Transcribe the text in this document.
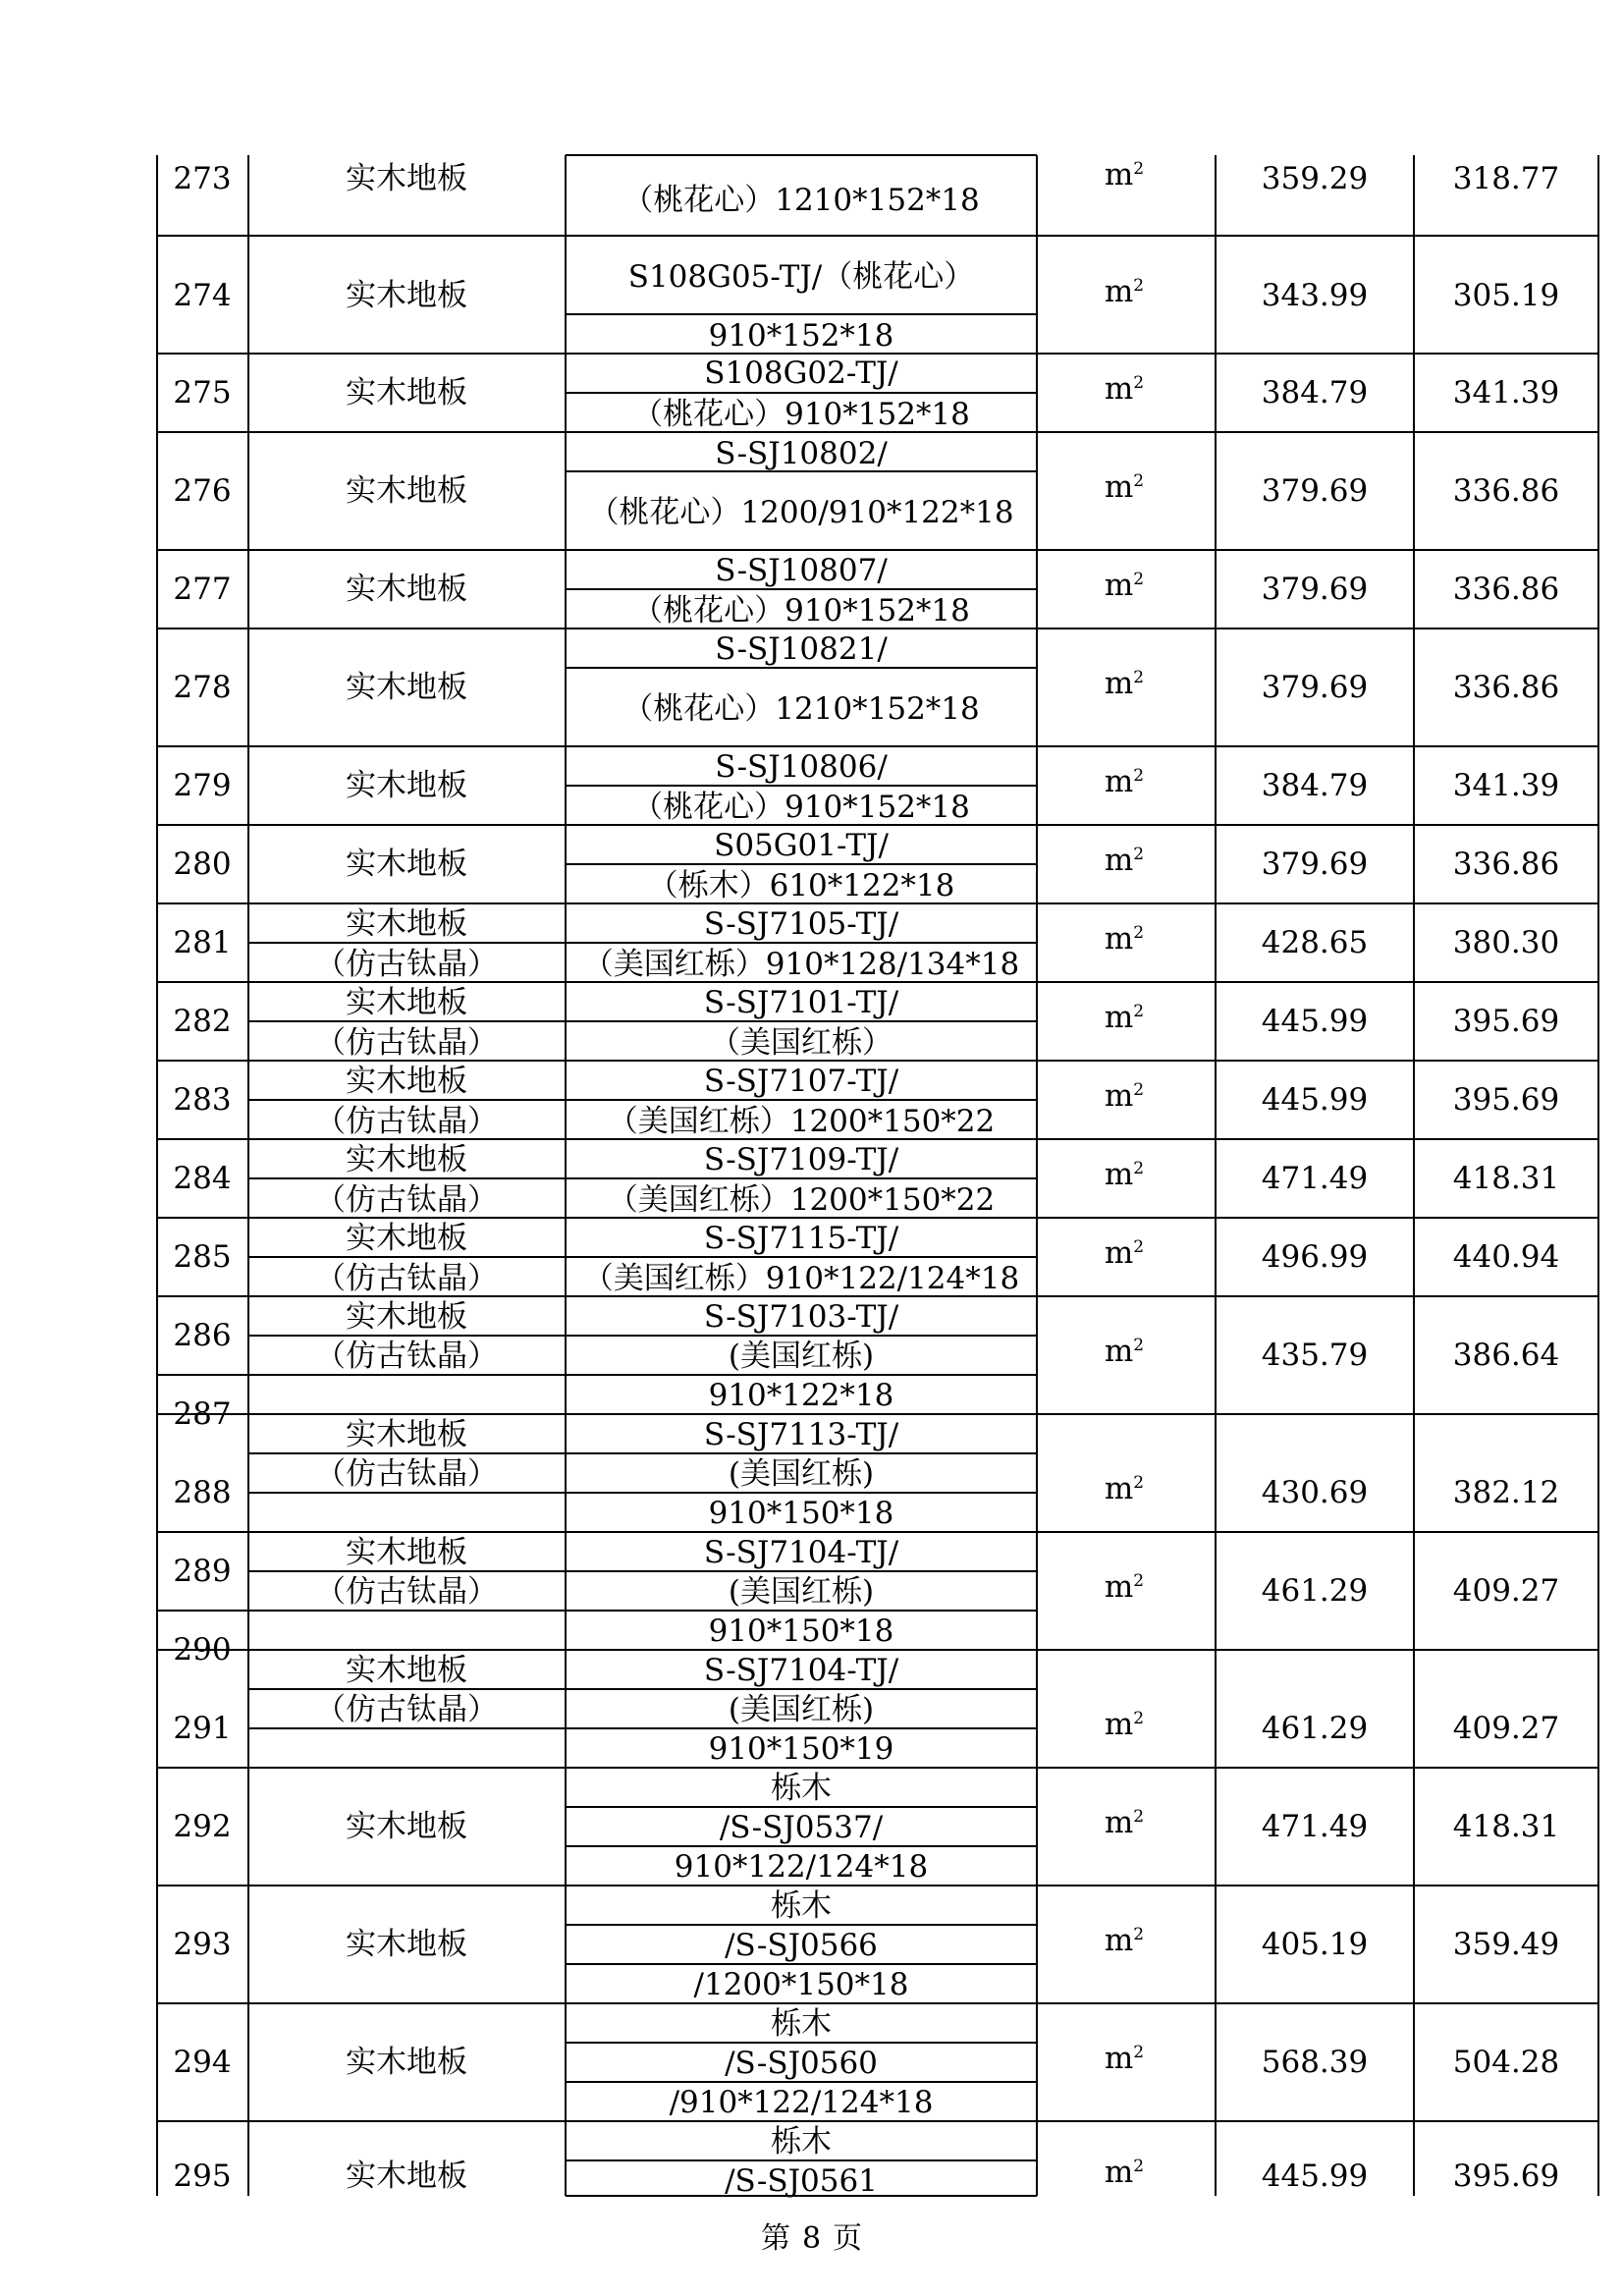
273	实木地板
（桃花心）1210*152*18
$m^2$	359.29	318.77
274	实木地板
S108G05-TJ/（桃花心）
910*152*18
$m^2$	343.99	305.19
275	实木地板
S108G02-TJ/
（桃花心）910*152*18
$m^2$	384.79	341.39
276	实木地板
S-SJ10802/
（桃花心）1200/910*122*18
$m^2$	379.69	336.86
277	实木地板
S-SJ10807/
（桃花心）910*152*18
$m^2$	379.69	336.86
278	实木地板
S-SJ10821/
（桃花心）1210*152*18
$m^2$	379.69	336.86
279	实木地板
S-SJ10806/
（桃花心）910*152*18
$m^2$	384.79	341.39
280	实木地板
S05G01-TJ/
（栎木）610*122*18
$m^2$	379.69	336.86
281
实木地板
（仿古钛晶）
S-SJ7105-TJ/
（美国红栎）910*128/134*18
$m^2$	428.65	380.30
282
实木地板
（仿古钛晶）
S-SJ7101-TJ/
（美国红栎）
$m^2$	445.99	395.69
283
实木地板
（仿古钛晶）
S-SJ7107-TJ/
（美国红栎）1200*150*22
$m^2$	445.99	395.69
284
实木地板
（仿古钛晶）
S-SJ7109-TJ/
（美国红栎）1200*150*22
$m^2$	471.49	418.31
285
实木地板
（仿古钛晶）
S-SJ7115-TJ/
（美国红栎）910*122/124*18
$m^2$	496.99	440.94
286
287
实木地板
（仿古钛晶）
S-SJ7103-TJ/
(美国红栎)
910*122*18
$m^2$	435.79	386.64
288
实木地板
（仿古钛晶）
S-SJ7113-TJ/
(美国红栎)
910*150*18
$m^2$	430.69	382.12
289
290
实木地板
（仿古钛晶）
S-SJ7104-TJ/
(美国红栎)
910*150*18
$m^2$	461.29	409.27
291
实木地板
（仿古钛晶）
S-SJ7104-TJ/
(美国红栎)
910*150*19
$m^2$	461.29	409.27
292	实木地板
栎木
/S-SJ0537/
910*122/124*18
$m^2$	471.49	418.31
293	实木地板
栎木
/S-SJ0566
/1200*150*18
$m^2$	405.19	359.49
294	实木地板
栎木
/S-SJ0560
/910*122/124*18
$m^2$	568.39	504.28
295	实木地板
栎木
/S-SJ0561	$m^2$	445.99	395.69
第 8 页
